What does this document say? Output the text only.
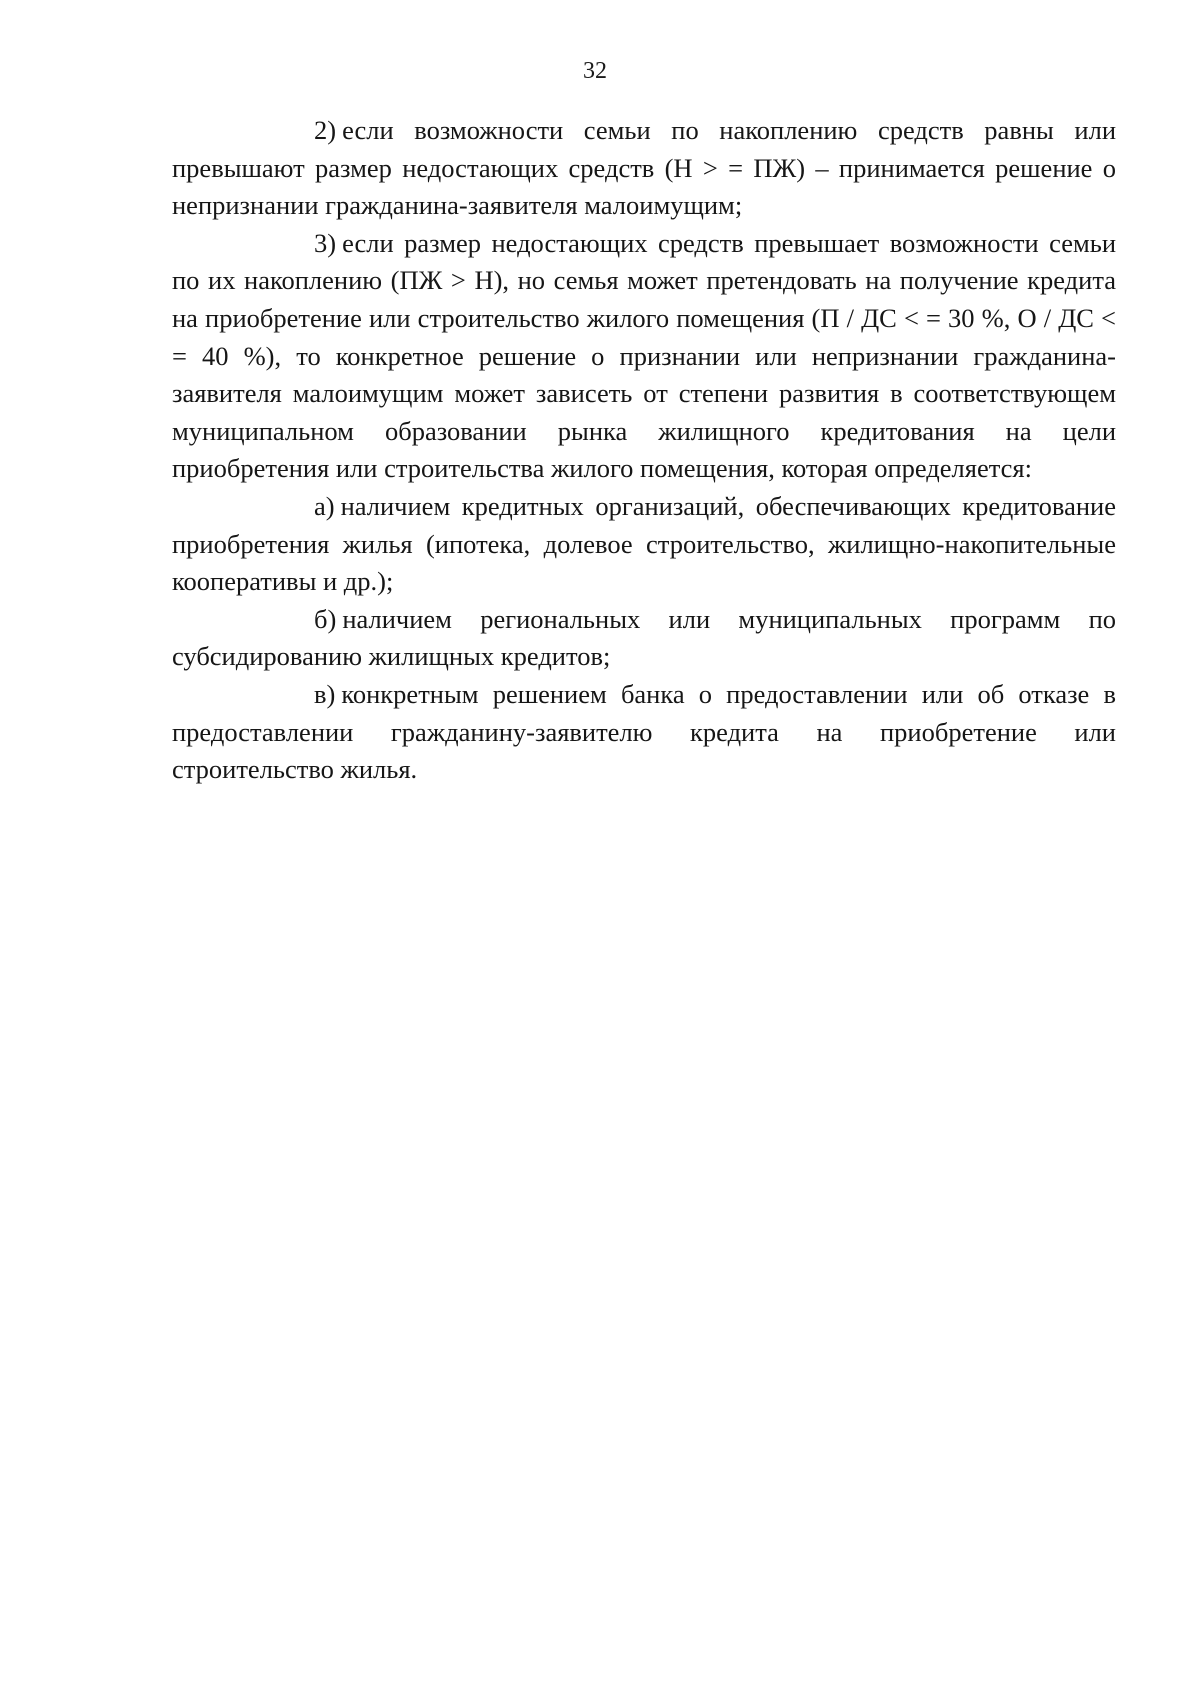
32

2) если возможности семьи по накоплению средств равны или превышают размер недостающих средств (Н > = ПЖ) – принимается решение о непризнании гражданина-заявителя малоимущим;

3) если размер недостающих средств превышает возможности семьи по их накоплению (ПЖ > Н), но семья может претендовать на получение кредита на приобретение или строительство жилого помещения (П / ДС < = 30 %, О / ДС < = 40 %), то конкретное решение о признании или непризнании гражданина-заявителя малоимущим может зависеть от степени развития в соответствующем муниципальном образовании рынка жилищного кредитования на цели приобретения или строительства жилого помещения, которая определяется:

а) наличием кредитных организаций, обеспечивающих кредитование приобретения жилья (ипотека, долевое строительство, жилищно-накопительные кооперативы и др.);

б) наличием региональных или муниципальных программ по субсидированию жилищных кредитов;

в) конкретным решением банка о предоставлении или об отказе в предоставлении гражданину-заявителю кредита на приобретение или строительство жилья.
